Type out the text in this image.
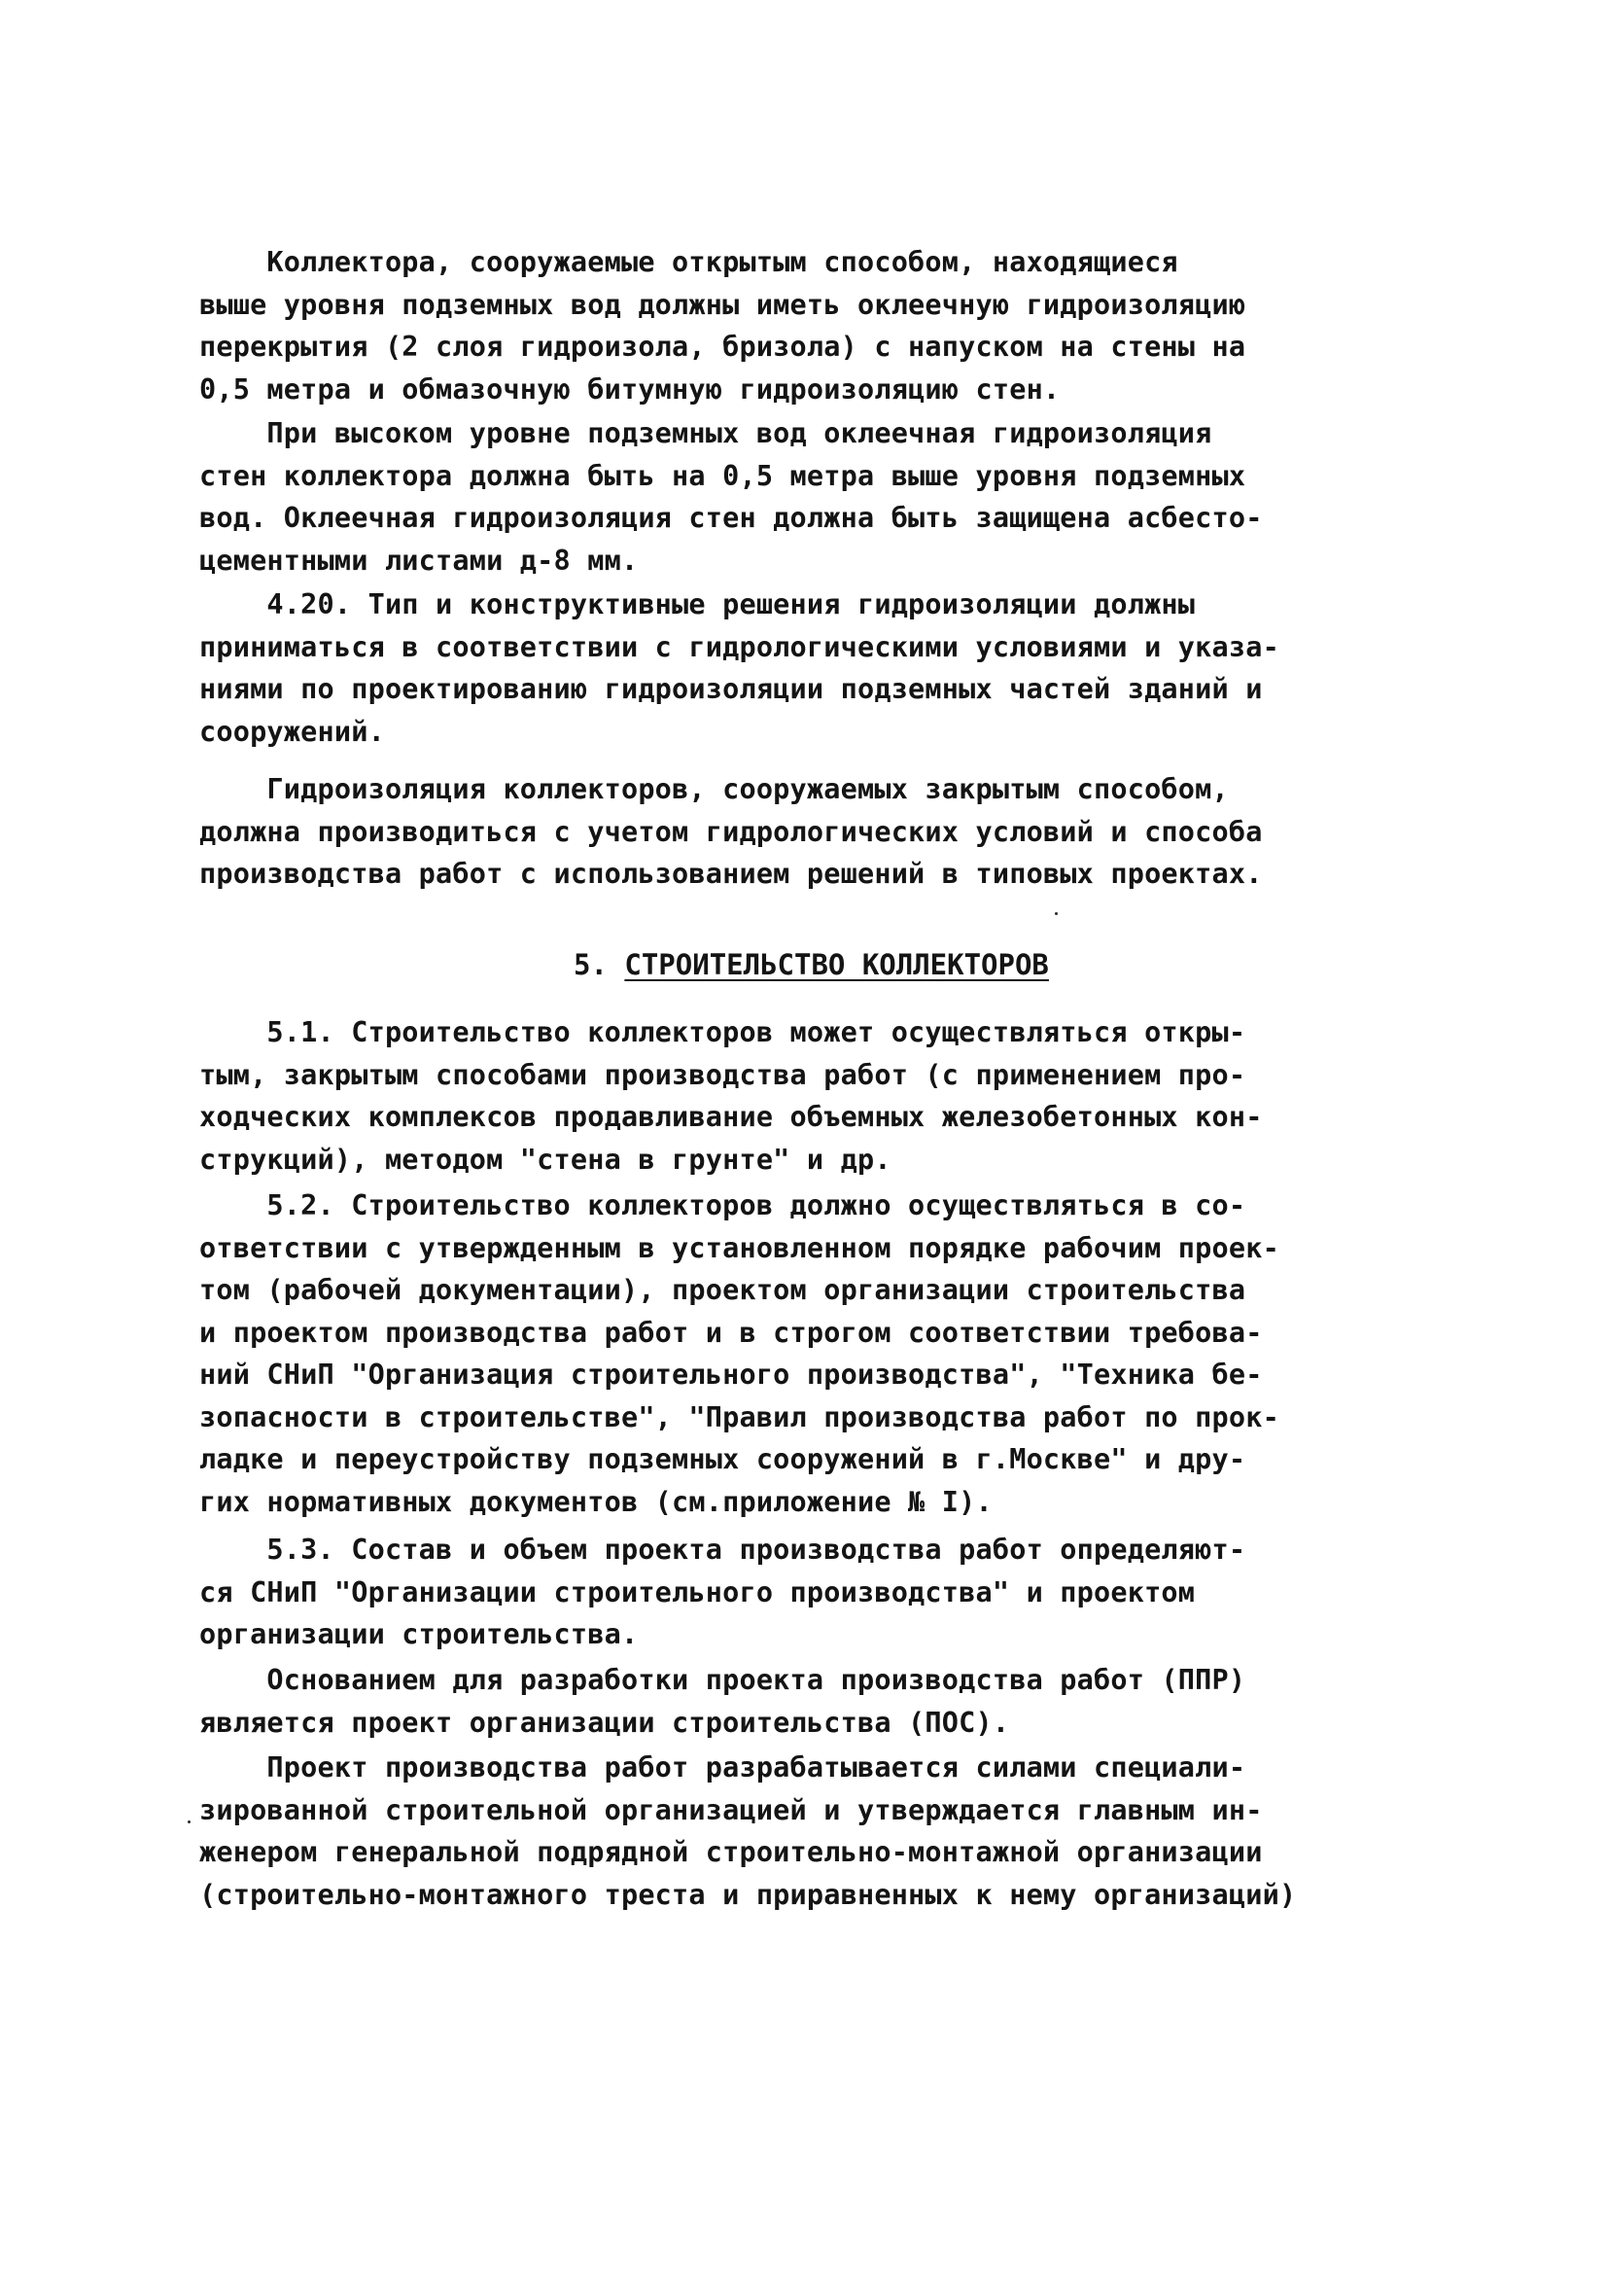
Коллектора, сооружаемые открытым способом, находящиеся
выше уровня подземных вод должны иметь оклеечную гидроизоляцию
перекрытия (2 слоя гидроизола, бризола) с напуском на стены на
0,5 метра и обмазочную битумную гидроизоляцию стен.
При высоком уровне подземных вод оклеечная гидроизоляция
стен коллектора должна быть на 0,5 метра выше уровня подземных
вод. Оклеечная гидроизоляция стен должна быть защищена асбесто-
цементными листами д-8 мм.
4.20. Тип и конструктивные решения гидроизоляции должны
приниматься в соответствии с гидрологическими условиями и указа-
ниями по проектированию гидроизоляции подземных частей зданий и
сооружений.
Гидроизоляция коллекторов, сооружаемых закрытым способом,
должна производиться с учетом гидрологических условий и способа
производства работ с использованием решений в типовых проектах.
5. СТРОИТЕЛЬСТВО КОЛЛЕКТОРОВ
5.1. Строительство коллекторов может осуществляться откры-
тым, закрытым способами производства работ (с применением про-
ходческих комплексов продавливание объемных железобетонных кон-
струкций), методом "стена в грунте" и др.
5.2. Строительство коллекторов должно осуществляться в со-
ответствии с утвержденным в установленном порядке рабочим проек-
том (рабочей документации), проектом организации строительства
и проектом производства работ и в строгом соответствии требова-
ний СНиП "Организация строительного производства", "Техника бе-
зопасности в строительстве", "Правил производства работ по прок-
ладке и переустройству подземных сооружений в г.Москве" и дру-
гих нормативных документов (см.приложение № I).
5.3. Состав и объем проекта производства работ определяют-
ся СНиП "Организации строительного производства" и проектом
организации строительства.
Основанием для разработки проекта производства работ (ППР)
является проект организации строительства (ПОС).
Проект производства работ разрабатывается силами специали-
зированной строительной организацией и утверждается главным ин-
женером генеральной подрядной строительно-монтажной организации
(строительно-монтажного треста и приравненных к нему организаций)
